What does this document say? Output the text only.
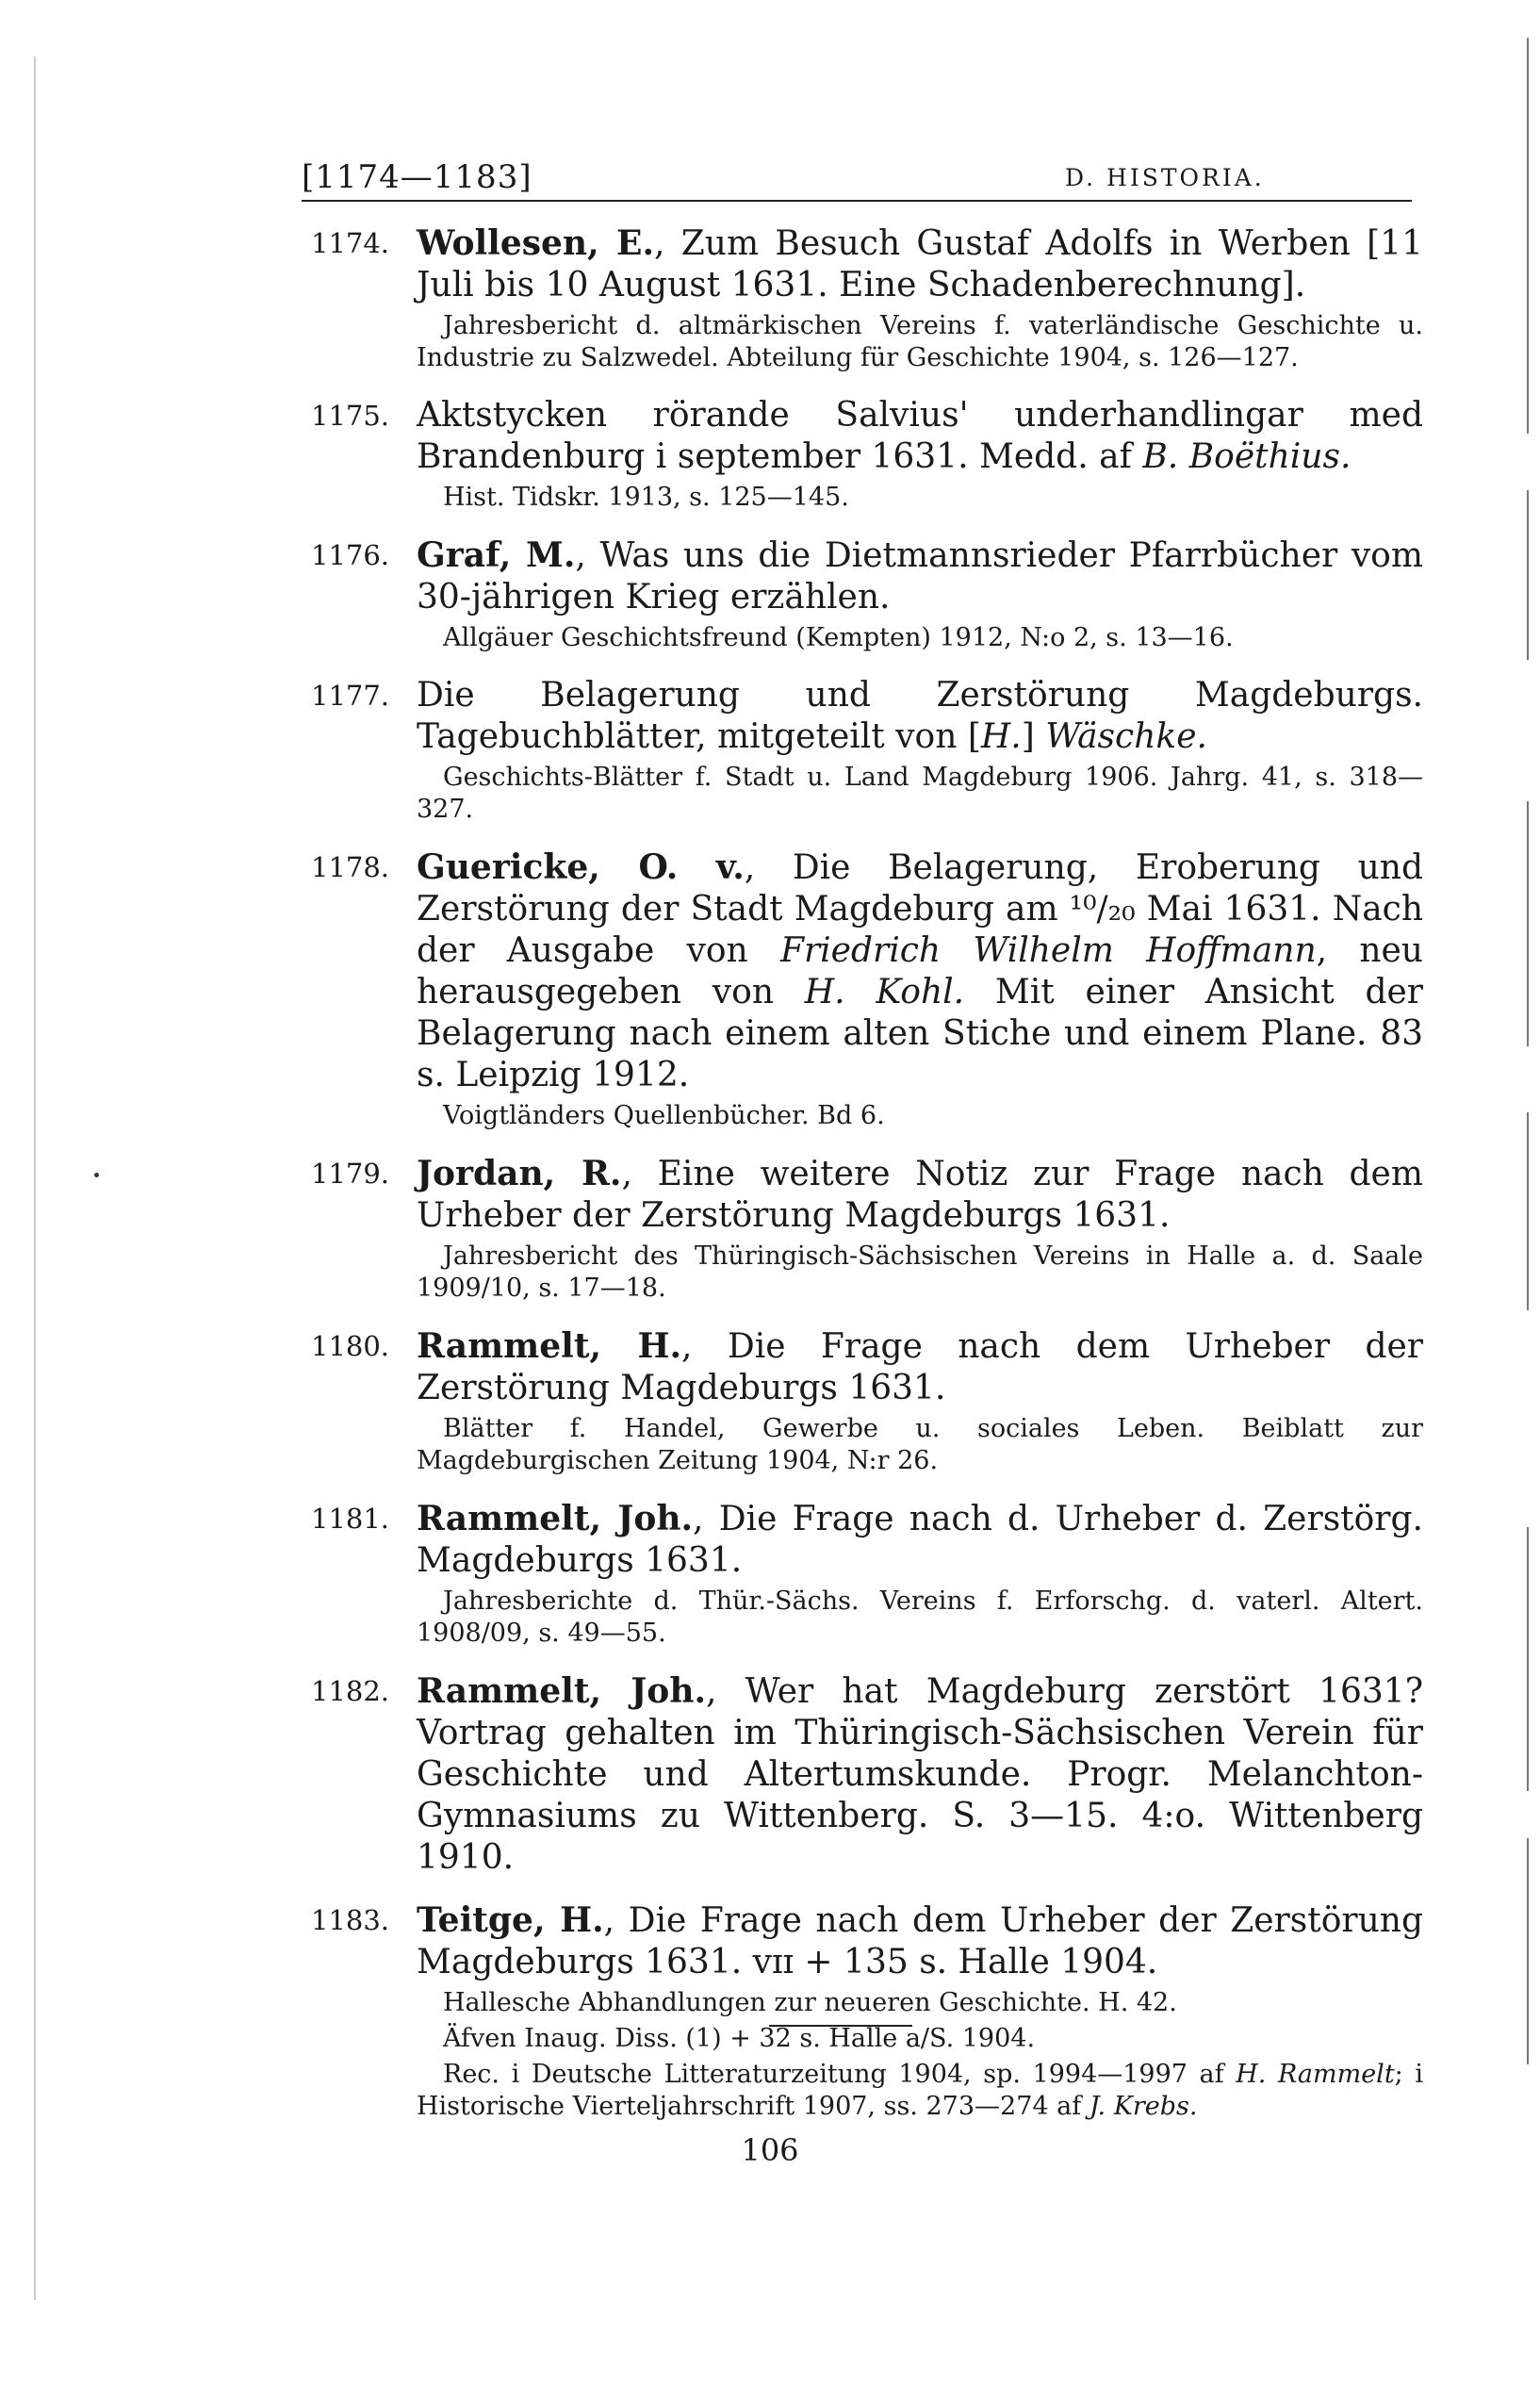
[1174—1183]	D. HISTORIA.
1174. Wollesen, E., Zum Besuch Gustaf Adolfs in Werben [11 Juli bis 10 August 1631. Eine Schadenberechnung].
Jahresbericht d. altmärkischen Vereins f. vaterländische Geschichte u. Industrie zu Salzwedel. Abteilung für Geschichte 1904, s. 126—127.
1175. Aktstycken rörande Salvius' underhandlingar med Brandenburg i september 1631. Medd. af B. Boëthius.
Hist. Tidskr. 1913, s. 125—145.
1176. Graf, M., Was uns die Dietmannsrieder Pfarrbücher vom 30-jährigen Krieg erzählen.
Allgäuer Geschichtsfreund (Kempten) 1912, N:o 2, s. 13—16.
1177. Die Belagerung und Zerstörung Magdeburgs. Tagebuchblätter, mitgeteilt von [H.] Wäschke.
Geschichts-Blätter f. Stadt u. Land Magdeburg 1906. Jahrg. 41, s. 318—327.
1178. Guericke, O. v., Die Belagerung, Eroberung und Zerstörung der Stadt Magdeburg am ¹⁰/₂₀ Mai 1631. Nach der Ausgabe von Friedrich Wilhelm Hoffmann, neu herausgegeben von H. Kohl. Mit einer Ansicht der Belagerung nach einem alten Stiche und einem Plane. 83 s. Leipzig 1912.
Voigtländers Quellenbücher. Bd 6.
1179. Jordan, R., Eine weitere Notiz zur Frage nach dem Urheber der Zerstörung Magdeburgs 1631.
Jahresbericht des Thüringisch-Sächsischen Vereins in Halle a. d. Saale 1909/10, s. 17—18.
1180. Rammelt, H., Die Frage nach dem Urheber der Zerstörung Magdeburgs 1631.
Blätter f. Handel, Gewerbe u. sociales Leben. Beiblatt zur Magdeburgischen Zeitung 1904, N:r 26.
1181. Rammelt, Joh., Die Frage nach d. Urheber d. Zerstörg. Magdeburgs 1631.
Jahresberichte d. Thür.-Sächs. Vereins f. Erforschg. d. vaterl. Altert. 1908/09, s. 49—55.
1182. Rammelt, Joh., Wer hat Magdeburg zerstört 1631? Vortrag gehalten im Thüringisch-Sächsischen Verein für Geschichte und Altertumskunde. Progr. Melanchton-Gymnasiums zu Wittenberg. S. 3—15. 4:o. Wittenberg 1910.
1183. Teitge, H., Die Frage nach dem Urheber der Zerstörung Magdeburgs 1631. vɪɪ + 135 s. Halle 1904.
Hallesche Abhandlungen zur neueren Geschichte. H. 42.
Äfven Inaug. Diss. (1) + 32 s. Halle a/S. 1904.
Rec. i Deutsche Litteraturzeitung 1904, sp. 1994—1997 af H. Rammelt; i Historische Vierteljahrschrift 1907, ss. 273—274 af J. Krebs.
106
